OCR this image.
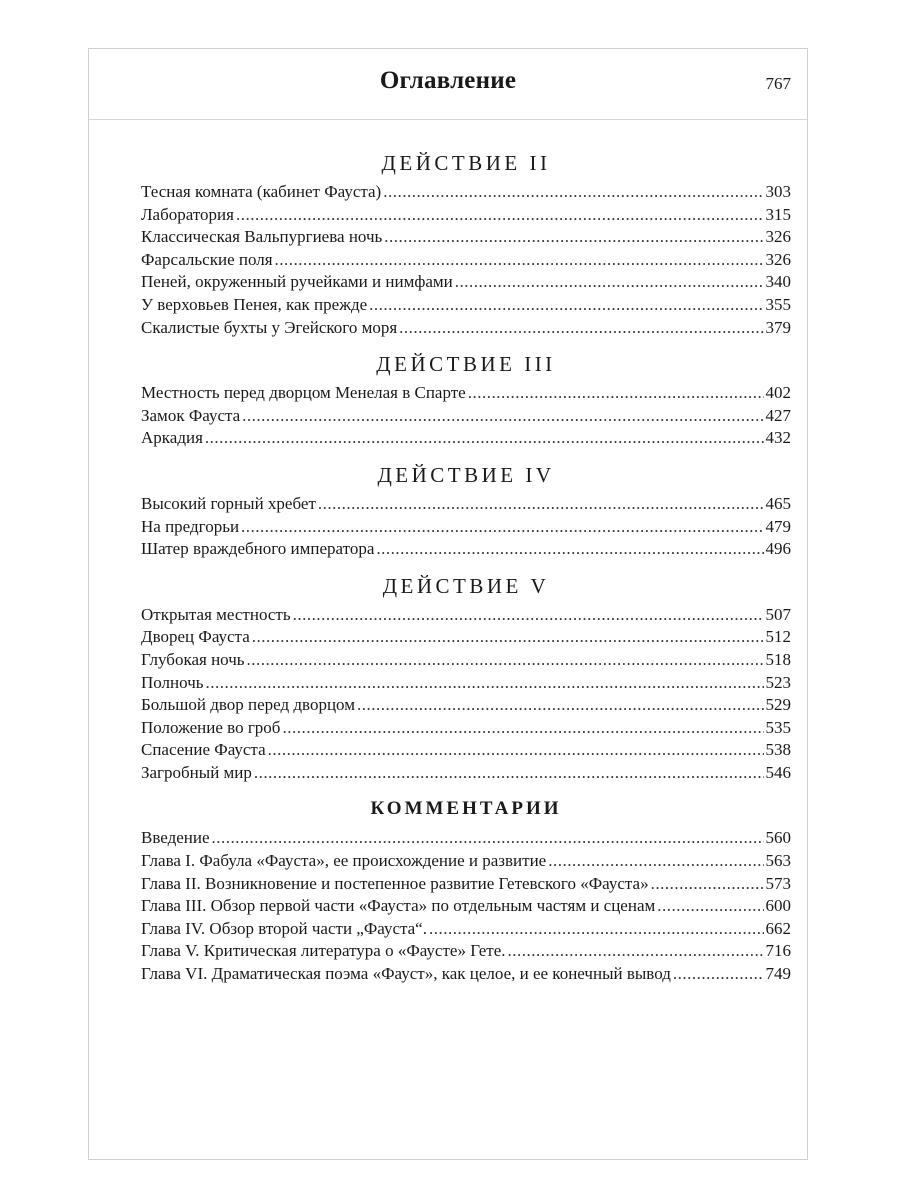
Оглавление	767
ДЕЙСТВИЕ II
Тесная комната (кабинет Фауста) .....	303
Лаборатория .....	315
Классическая Вальпургиева ночь .....	326
Фарсальские поля .....	326
Пеней, окруженный ручейками и нимфами .....	340
У верховьев Пенея, как прежде .....	355
Скалистые бухты у Эгейского моря .....	379
ДЕЙСТВИЕ III
Местность перед дворцом Менелая в Спарте .....	402
Замок Фауста .....	427
Аркадия .....	432
ДЕЙСТВИЕ IV
Высокий горный хребет .....	465
На предгорьи .....	479
Шатер враждебного императора .....	496
ДЕЙСТВИЕ V
Открытая местность .....	507
Дворец Фауста .....	512
Глубокая ночь .....	518
Полночь .....	523
Большой двор перед дворцом .....	529
Положение во гроб .....	535
Спасение Фауста .....	538
Загробный мир .....	546
КОММЕНТАРИИ
Введение .....	560
Глава I. Фабула «Фауста», ее происхождение и развитие .....	563
Глава II. Возникновение и постепенное развитие Гетевского «Фауста» .....	573
Глава III. Обзор первой части «Фауста» по отдельным частям и сценам .....	600
Глава IV. Обзор второй части „Фауста“. .....	662
Глава V. Критическая литература о «Фаусте» Гете. .....	716
Глава VI. Драматическая поэма «Фауст», как целое, и ее конечный вывод .....	749
